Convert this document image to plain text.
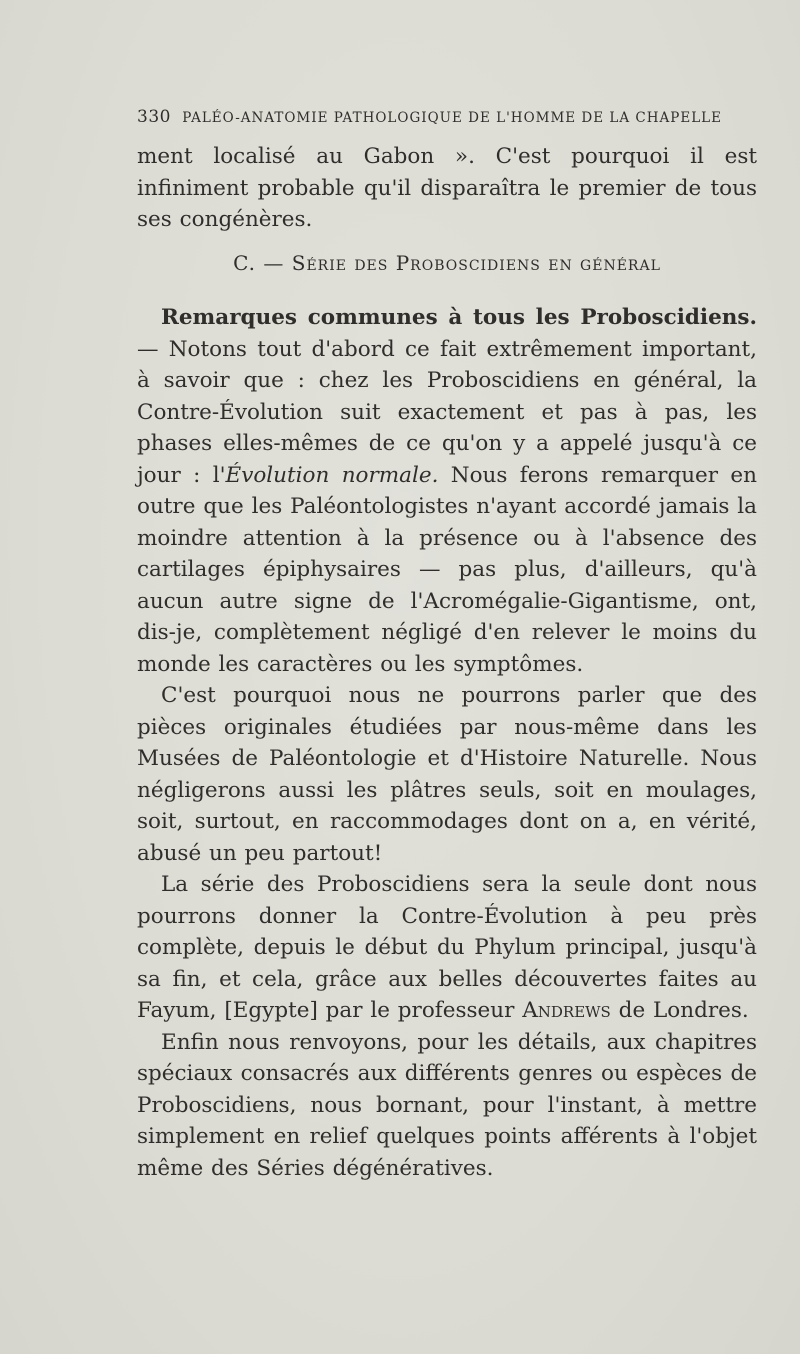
330 PALÉO-ANATOMIE PATHOLOGIQUE DE L'HOMME DE LA CHAPELLE

ment localisé au Gabon ». C'est pourquoi il est infiniment probable qu'il disparaîtra le premier de tous ses congénères.

C. — Série des Proboscidiens en général

Remarques communes à tous les Proboscidiens. — Notons tout d'abord ce fait extrêmement important, à savoir que : chez les Proboscidiens en général, la Contre-Évolution suit exactement et pas à pas, les phases elles-mêmes de ce qu'on y a appelé jusqu'à ce jour : l'Évolution normale. Nous ferons remarquer en outre que les Paléontologistes n'ayant accordé jamais la moindre attention à la présence ou à l'absence des cartilages épiphysaires — pas plus, d'ailleurs, qu'à aucun autre signe de l'Acromégalie-Gigantisme, ont, dis-je, complètement négligé d'en relever le moins du monde les caractères ou les symptômes.

C'est pourquoi nous ne pourrons parler que des pièces originales étudiées par nous-même dans les Musées de Paléontologie et d'Histoire Naturelle. Nous négligerons aussi les plâtres seuls, soit en moulages, soit, surtout, en raccommodages dont on a, en vérité, abusé un peu partout!

La série des Proboscidiens sera la seule dont nous pourrons donner la Contre-Évolution à peu près complète, depuis le début du Phylum principal, jusqu'à sa fin, et cela, grâce aux belles découvertes faites au Fayum, [Egypte] par le professeur Andrews de Londres.

Enfin nous renvoyons, pour les détails, aux chapitres spéciaux consacrés aux différents genres ou espèces de Proboscidiens, nous bornant, pour l'instant, à mettre simplement en relief quelques points afférents à l'objet même des Séries dégénératives.
